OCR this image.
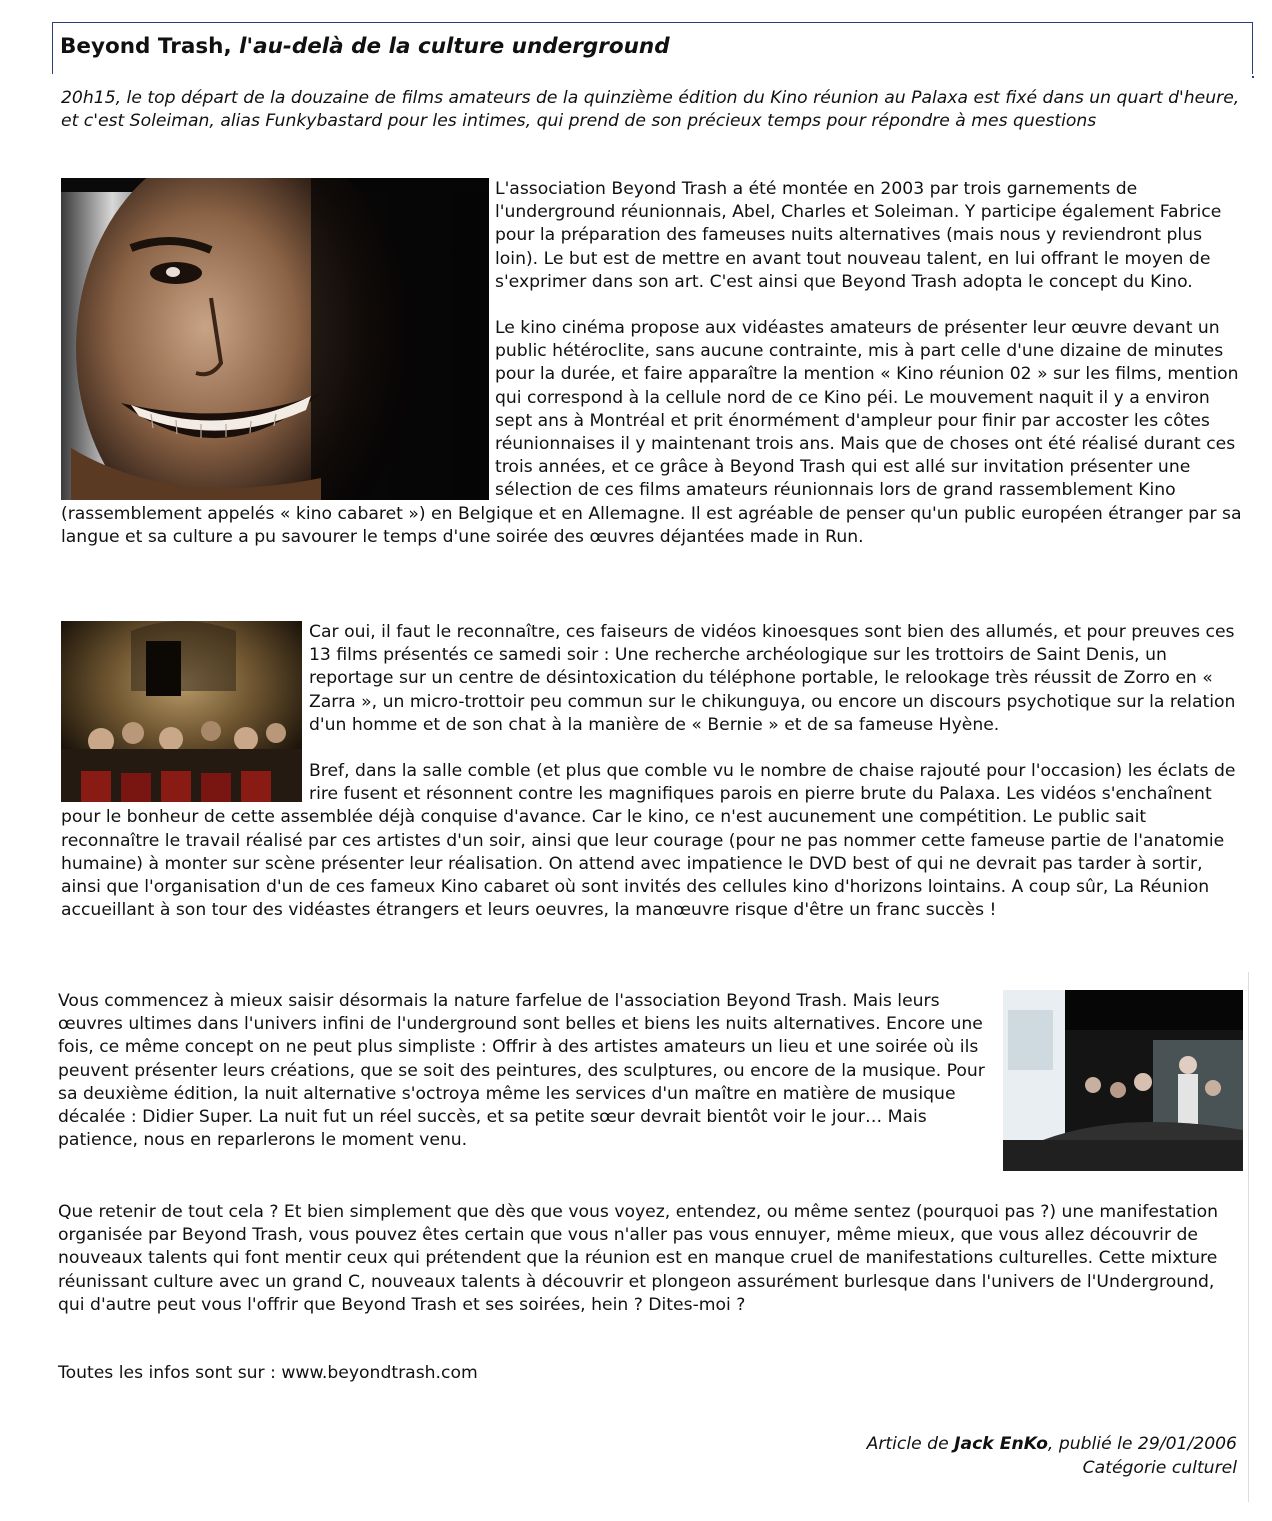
Beyond Trash, l'au-delà de la culture underground

20h15, le top départ de la douzaine de films amateurs de la quinzième édition du Kino réunion au Palaxa est fixé dans un quart d'heure, et c'est Soleiman, alias Funkybastard pour les intimes, qui prend de son précieux temps pour répondre à mes questions

L'association Beyond Trash a été montée en 2003 par trois garnements de l'underground réunionnais, Abel, Charles et Soleiman. Y participe également Fabrice pour la préparation des fameuses nuits alternatives (mais nous y reviendront plus loin). Le but est de mettre en avant tout nouveau talent, en lui offrant le moyen de s'exprimer dans son art. C'est ainsi que Beyond Trash adopta le concept du Kino.

Le kino cinéma propose aux vidéastes amateurs de présenter leur œuvre devant un public hétéroclite, sans aucune contrainte, mis à part celle d'une dizaine de minutes pour la durée, et faire apparaître la mention « Kino réunion 02 » sur les films, mention qui correspond à la cellule nord de ce Kino péi. Le mouvement naquit il y a environ sept ans à Montréal et prit énormément d'ampleur pour finir par accoster les côtes réunionnaises il y maintenant trois ans. Mais que de choses ont été réalisé durant ces trois années, et ce grâce à Beyond Trash qui est allé sur invitation présenter une sélection de ces films amateurs réunionnais lors de grand rassemblement Kino (rassemblement appelés « kino cabaret ») en Belgique et en Allemagne. Il est agréable de penser qu'un public européen étranger par sa langue et sa culture a pu savourer le temps d'une soirée des œuvres déjantées made in Run.

Car oui, il faut le reconnaître, ces faiseurs de vidéos kinoesques sont bien des allumés, et pour preuves ces 13 films présentés ce samedi soir : Une recherche archéologique sur les trottoirs de Saint Denis, un reportage sur un centre de désintoxication du téléphone portable, le relookage très réussit de Zorro en « Zarra », un micro-trottoir peu commun sur le chikunguya, ou encore un discours psychotique sur la relation d'un homme et de son chat à la manière de « Bernie » et de sa fameuse Hyène.

Bref, dans la salle comble (et plus que comble vu le nombre de chaise rajouté pour l'occasion) les éclats de rire fusent et résonnent contre les magnifiques parois en pierre brute du Palaxa. Les vidéos s'enchaînent pour le bonheur de cette assemblée déjà conquise d'avance. Car le kino, ce n'est aucunement une compétition. Le public sait reconnaître le travail réalisé par ces artistes d'un soir, ainsi que leur courage (pour ne pas nommer cette fameuse partie de l'anatomie humaine) à monter sur scène présenter leur réalisation. On attend avec impatience le DVD best of qui ne devrait pas tarder à sortir, ainsi que l'organisation d'un de ces fameux Kino cabaret où sont invités des cellules kino d'horizons lointains. A coup sûr, La Réunion accueillant à son tour des vidéastes étrangers et leurs oeuvres, la manœuvre risque d'être un franc succès !

Vous commencez à mieux saisir désormais la nature farfelue de l'association Beyond Trash. Mais leurs œuvres ultimes dans l'univers infini de l'underground sont belles et biens les nuits alternatives. Encore une fois, ce même concept on ne peut plus simpliste : Offrir à des artistes amateurs un lieu et une soirée où ils peuvent présenter leurs créations, que se soit des peintures, des sculptures, ou encore de la musique. Pour sa deuxième édition, la nuit alternative s'octroya même les services d'un maître en matière de musique décalée : Didier Super. La nuit fut un réel succès, et sa petite sœur devrait bientôt voir le jour… Mais patience, nous en reparlerons le moment venu.

Que retenir de tout cela ? Et bien simplement que dès que vous voyez, entendez, ou même sentez (pourquoi pas ?) une manifestation organisée par Beyond Trash, vous pouvez êtes certain que vous n'aller pas vous ennuyer, même mieux, que vous allez découvrir de nouveaux talents qui font mentir ceux qui prétendent que la réunion est en manque cruel de manifestations culturelles. Cette mixture réunissant culture avec un grand C, nouveaux talents à découvrir et plongeon assurément burlesque dans l'univers de l'Underground, qui d'autre peut vous l'offrir que Beyond Trash et ses soirées, hein ? Dites-moi ?

Toutes les infos sont sur : www.beyondtrash.com

Article de Jack EnKo, publié le 29/01/2006
Catégorie culturel
